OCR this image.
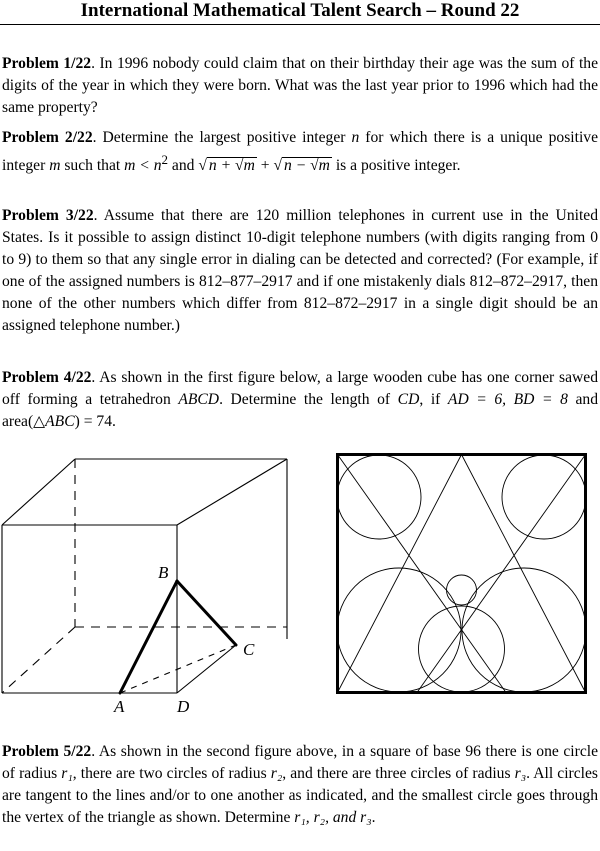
International Mathematical Talent Search – Round 22
Problem 1/22. In 1996 nobody could claim that on their birthday their age was the sum of the digits of the year in which they were born. What was the last year prior to 1996 which had the same property?
Problem 2/22. Determine the largest positive integer n for which there is a unique positive integer m such that $m < n^2$ and √ n + √m + √ n − √m is a positive integer.
Problem 3/22. Assume that there are 120 million telephones in current use in the United States. Is it possible to assign distinct 10-digit telephone numbers (with digits ranging from 0 to 9) to them so that any single error in dialing can be detected and corrected? (For example, if one of the assigned numbers is 812–877–2917 and if one mistakenly dials 812–872–2917, then none of the other numbers which differ from 812–872–2917 in a single digit should be an assigned telephone number.)
Problem 4/22. As shown in the first figure below, a large wooden cube has one corner sawed off forming a tetrahedron ABCD. Determine the length of CD, if AD = 6, BD = 8 and area(△ABC) = 74.
B
C
A	D
Problem 5/22. As shown in the second figure above, in a square of base 96 there is one circle of radius r₁, there are two circles of radius r₂, and there are three circles of radius r₃. All circles are tangent to the lines and/or to one another as indicated, and the smallest circle goes through the vertex of the triangle as shown. Determine r₁, r₂, and r₃.
